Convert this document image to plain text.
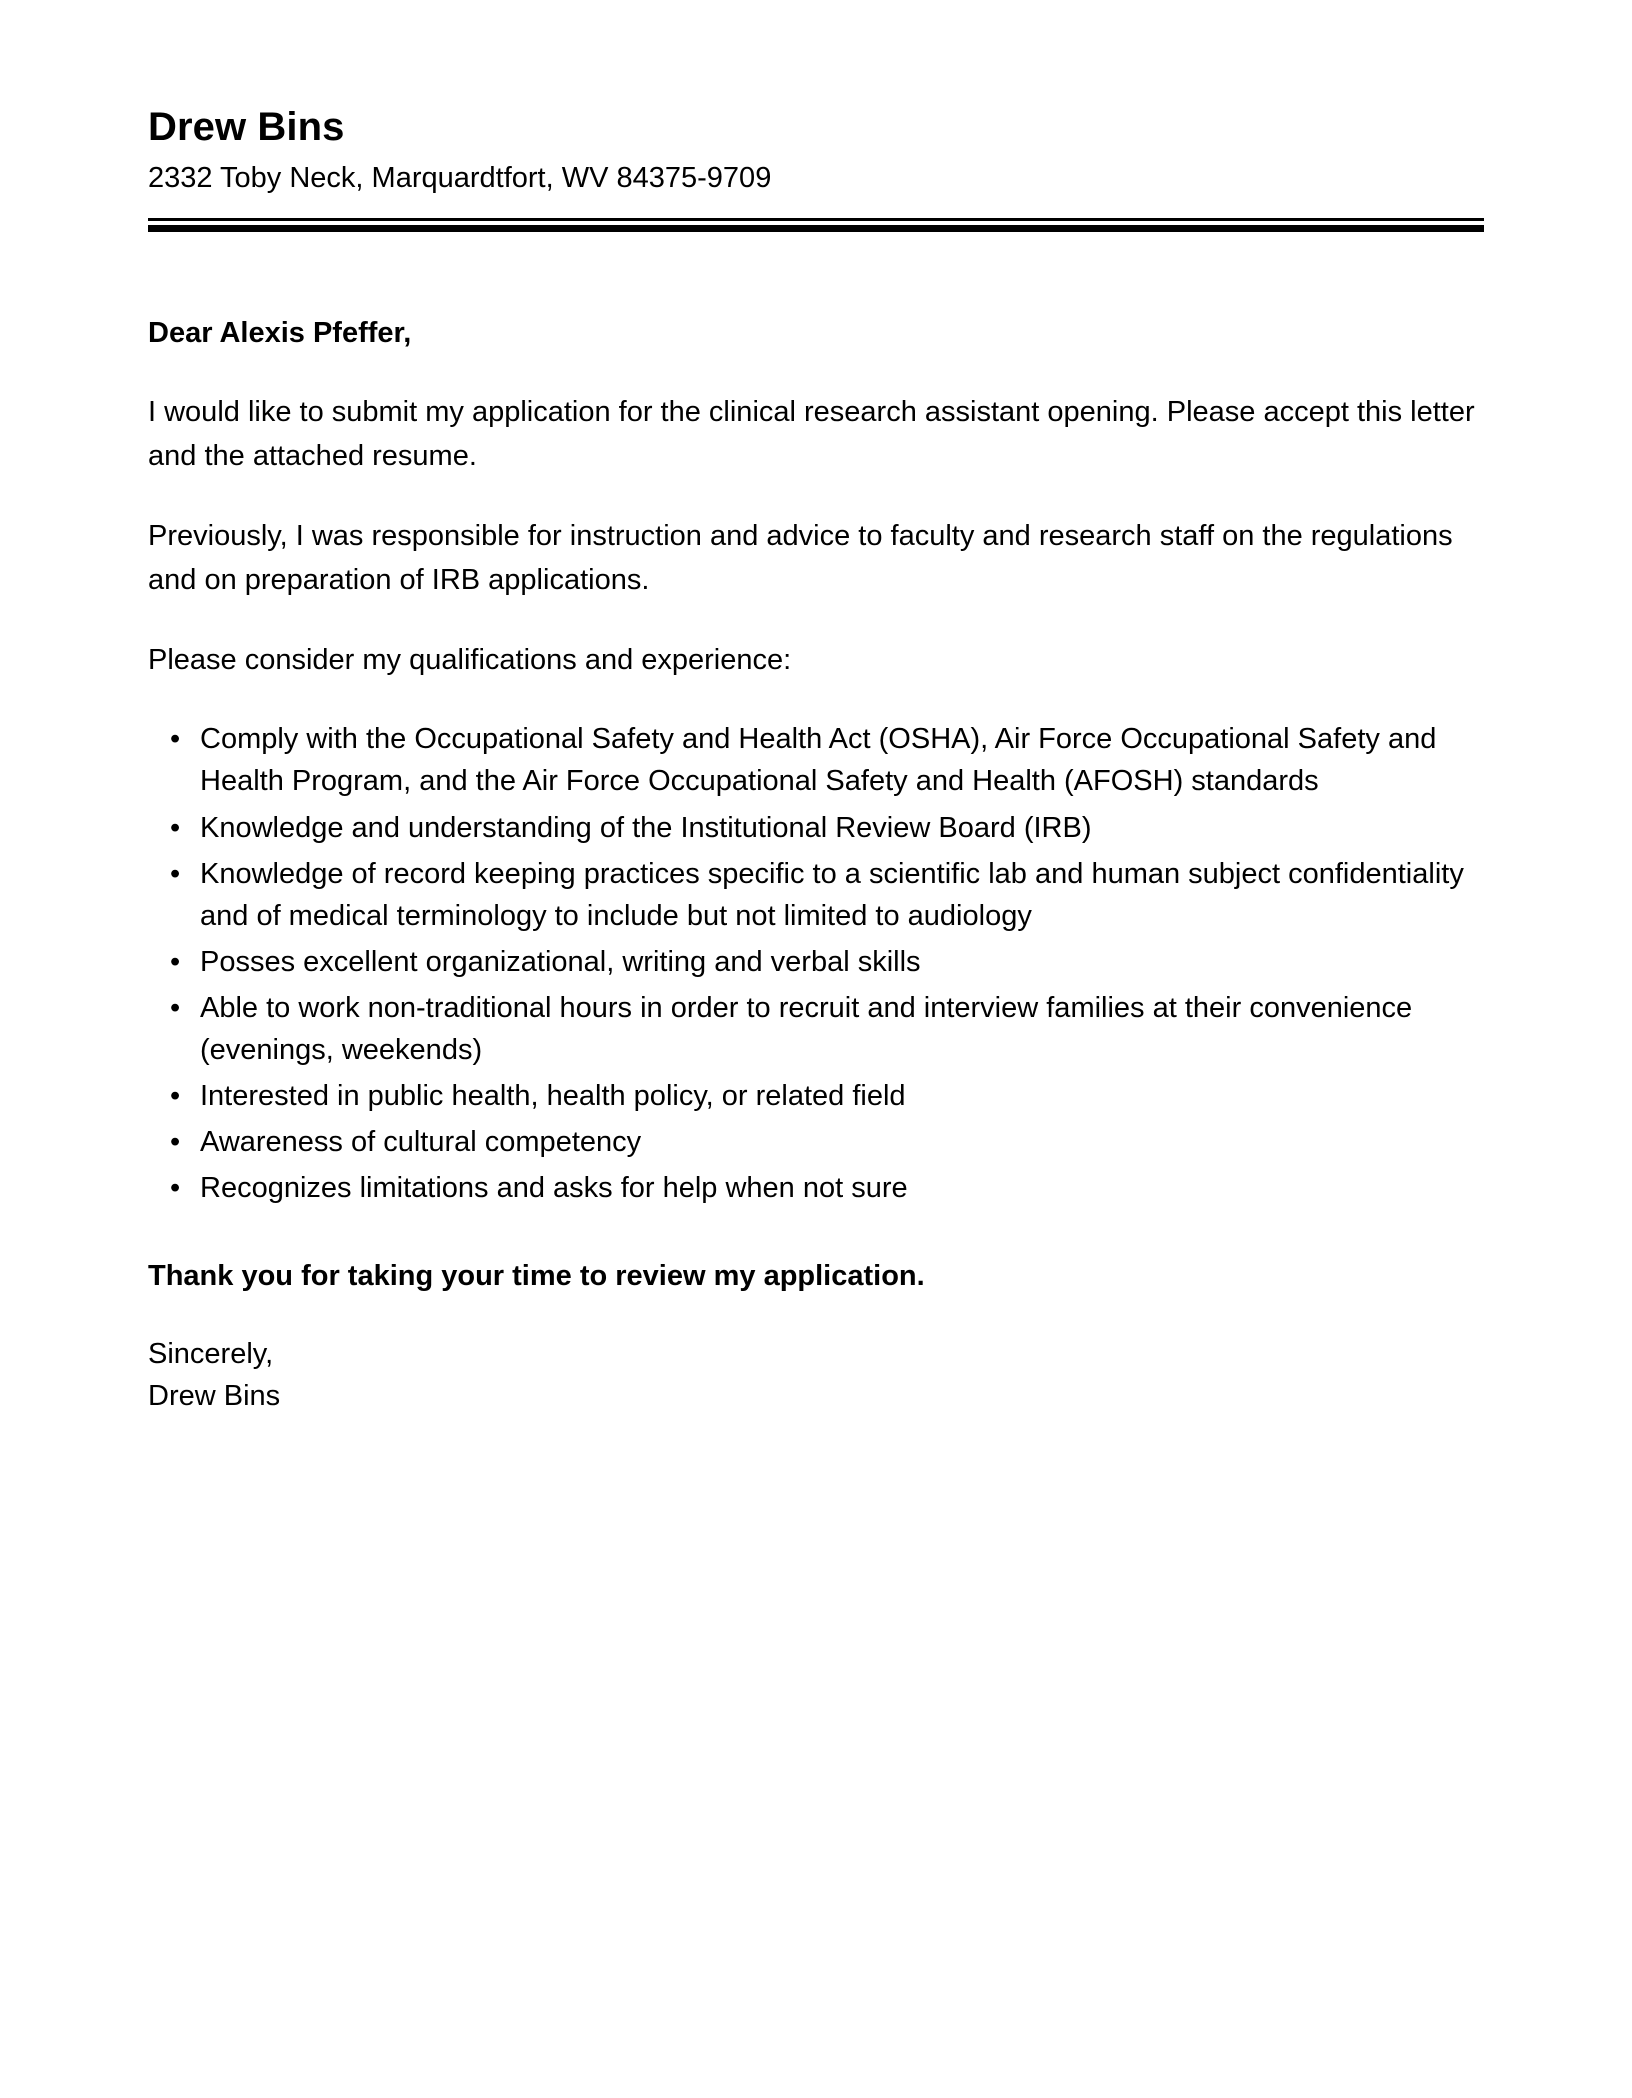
Drew Bins
2332 Toby Neck, Marquardtfort, WV 84375-9709
Dear Alexis Pfeffer,

I would like to submit my application for the clinical research assistant opening. Please accept this letter and the attached resume.

Previously, I was responsible for instruction and advice to faculty and research staff on the regulations and on preparation of IRB applications.

Please consider my qualifications and experience:

• Comply with the Occupational Safety and Health Act (OSHA), Air Force Occupational Safety and Health Program, and the Air Force Occupational Safety and Health (AFOSH) standards
• Knowledge and understanding of the Institutional Review Board (IRB)
• Knowledge of record keeping practices specific to a scientific lab and human subject confidentiality and of medical terminology to include but not limited to audiology
• Posses excellent organizational, writing and verbal skills
• Able to work non-traditional hours in order to recruit and interview families at their convenience (evenings, weekends)
• Interested in public health, health policy, or related field
• Awareness of cultural competency
• Recognizes limitations and asks for help when not sure
Thank you for taking your time to review my application.
Sincerely,
Drew Bins
